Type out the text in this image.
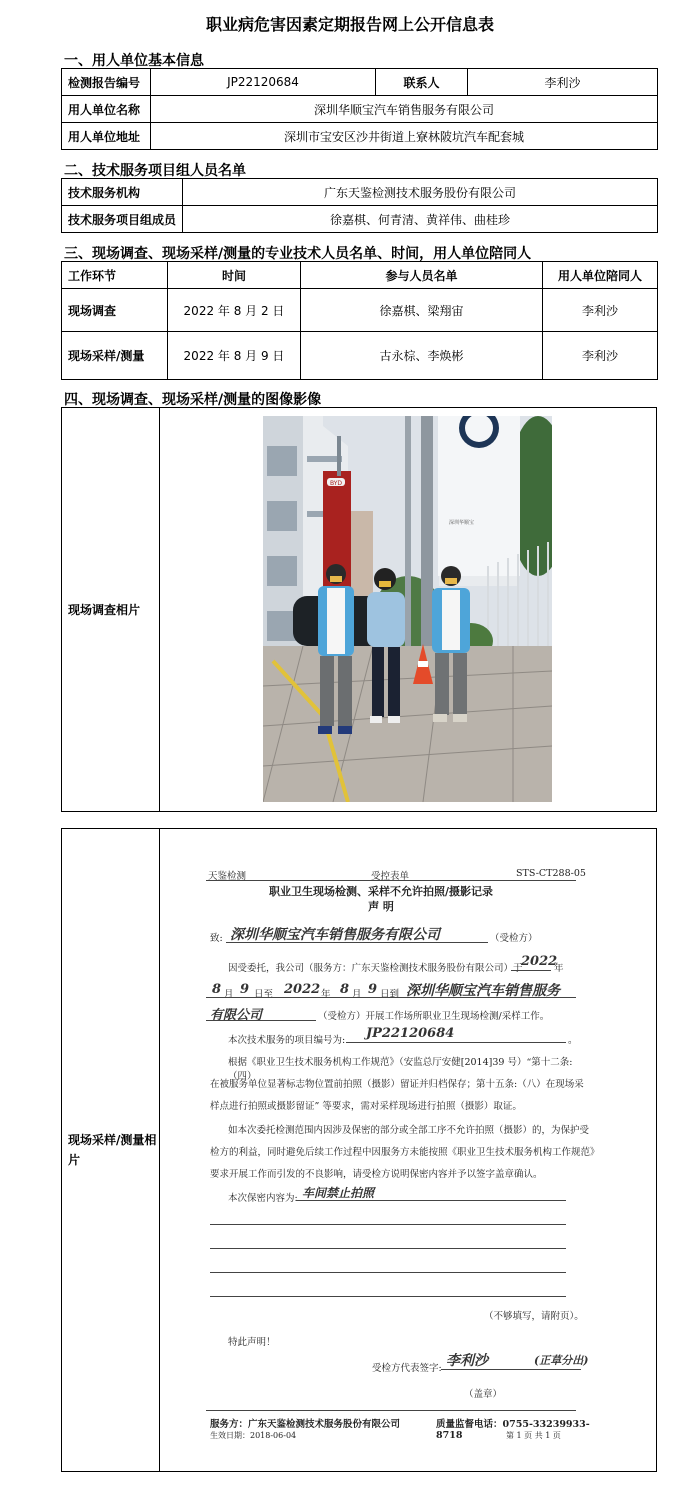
职业病危害因素定期报告网上公开信息表
一、用人单位基本信息
检测报告编号	JP22120684	联系人	李利沙
用人单位名称	深圳华顺宝汽车销售服务有限公司		
用人单位地址	深圳市宝安区沙井街道上寮林陂坑汽车配套城		
二、技术服务项目组人员名单
技术服务机构	广东天鉴检测技术服务股份有限公司
技术服务项目组成员	徐嘉棋、何青清、黄祥伟、曲桂珍
三、现场调查、现场采样/测量的专业技术人员名单、时间，用人单位陪同人
工作环节	时间	参与人员名单	用人单位陪同人
现场调查	2022 年 8 月 2 日	徐嘉棋、梁翔宙	李利沙
现场采样/测量	2022 年 8 月 9 日	古永棕、李焕彬	李利沙
四、现场调查、现场采样/测量的图像影像
现场调查相片
BYD
深圳华顺宝
现场采样/测量相片
天鉴检测	受控表单	STS-CT288-05
职业卫生现场检测、采样不允许拍照/摄影记录
声 明
致: 深圳华顺宝汽车销售服务有限公司	（受检方）
因受委托，我公司（服务方：广东天鉴检测技术服务股份有限公司）于
2022
年
8 月 9 日至 2022 年 8 月 9 日到 深圳华顺宝汽车销售服务
有限公司	（受检方）开展工作场所职业卫生现场检测/采样工作。
本次技术服务的项目编号为: JP22120684	。
根据《职业卫生技术服务机构工作规范》（安监总厅安健[2014]39 号）“第十二条:（四）
在被服务单位显著标志物位置前拍照（摄影）留证并归档保存；第十五条:（八）在现场采
样点进行拍照或摄影留证” 等要求，需对采样现场进行拍照（摄影）取证。
如本次委托检测范围内因涉及保密的部分或全部工序不允许拍照（摄影）的，为保护受
检方的利益，同时避免后续工作过程中因服务方未能按照《职业卫生技术服务机构工作规范》
要求开展工作而引发的不良影响，请受检方说明保密内容并予以签字盖章确认。
本次保密内容为: 车间禁止拍照
（不够填写，请附页）。
特此声明！
受检方代表签字: 李利沙	(正草分出)
（盖章）
服务方：广东天鉴检测技术服务股份有限公司	质量监督电话：0755-33239933-8718
生效日期：2018-06-04	第 1 页 共 1 页
